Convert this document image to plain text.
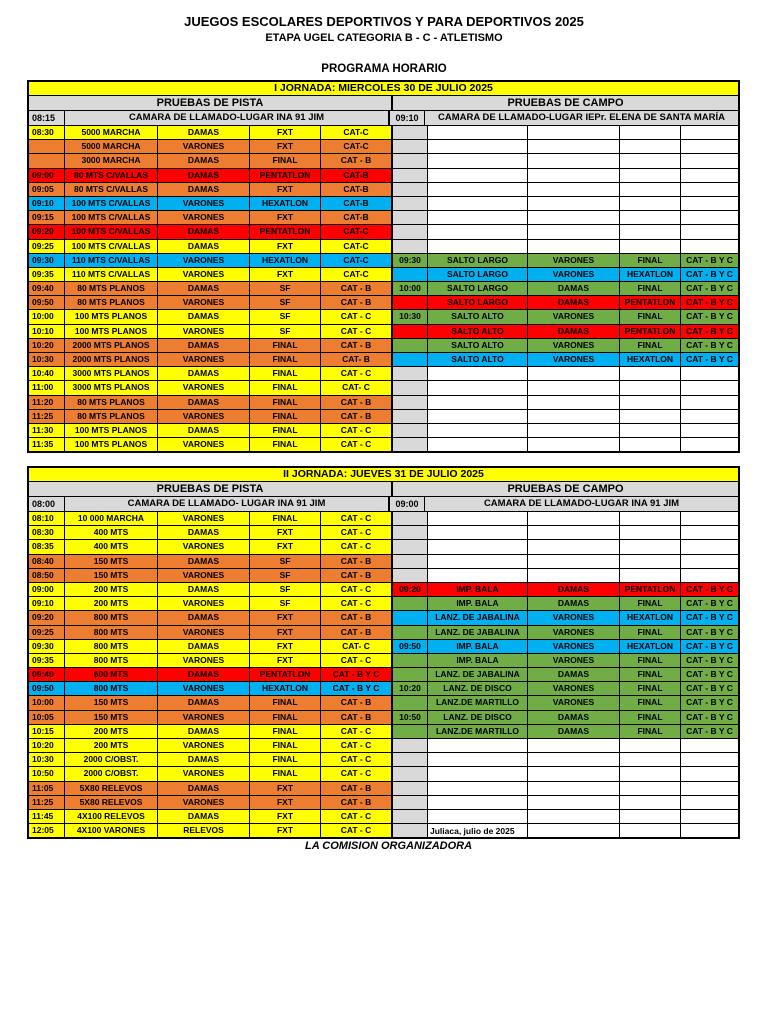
JUEGOS ESCOLARES DEPORTIVOS Y PARA DEPORTIVOS 2025
ETAPA UGEL CATEGORIA B - C - ATLETISMO
PROGRAMA HORARIO
I JORNADA: MIERCOLES 30 DE JULIO 2025
PRUEBAS DE PISTA	PRUEBAS DE CAMPO
08:15	CAMARA DE LLAMADO-LUGAR INA 91 JIM	09:10	CAMARA DE LLAMADO-LUGAR IEPr. ELENA DE SANTA MARÍA
08:30	5000 MARCHA	DAMAS	FXT	CAT-C
5000 MARCHA	VARONES	FXT	CAT-C
3000 MARCHA	DAMAS	FINAL	CAT - B
09:00	80 MTS C/VALLAS	DAMAS	PENTATLON	CAT-B
09:05	80 MTS C/VALLAS	DAMAS	FXT	CAT-B
09:10	100 MTS C/VALLAS	VARONES	HEXATLON	CAT-B
09:15	100 MTS C/VALLAS	VARONES	FXT	CAT-B
09:20	100 MTS C/VALLAS	DAMAS	PENTATLON	CAT-C
09:25	100 MTS C/VALLAS	DAMAS	FXT	CAT-C
09:30	110 MTS C/VALLAS	VARONES	HEXATLON	CAT-C	09:30	SALTO LARGO	VARONES	FINAL	CAT - B Y C
09:35	110 MTS C/VALLAS	VARONES	FXT	CAT-C	SALTO LARGO	VARONES	HEXATLON	CAT - B Y C
09:40	80 MTS PLANOS	DAMAS	SF	CAT - B	10:00	SALTO LARGO	DAMAS	FINAL	CAT - B Y C
09:50	80 MTS PLANOS	VARONES	SF	CAT - B	SALTO LARGO	DAMAS	PENTATLON	CAT - B Y C
10:00	100 MTS PLANOS	DAMAS	SF	CAT - C	10:30	SALTO ALTO	VARONES	FINAL	CAT - B Y C
10:10	100 MTS PLANOS	VARONES	SF	CAT - C	SALTO ALTO	DAMAS	PENTATLON	CAT - B Y C
10:20	2000 MTS PLANOS	DAMAS	FINAL	CAT - B	SALTO ALTO	VARONES	FINAL	CAT - B Y C
10:30	2000 MTS PLANOS	VARONES	FINAL	CAT- B	SALTO ALTO	VARONES	HEXATLON	CAT - B Y C
10:40	3000 MTS PLANOS	DAMAS	FINAL	CAT - C
11:00	3000 MTS PLANOS	VARONES	FINAL	CAT- C
11:20	80 MTS PLANOS	DAMAS	FINAL	CAT - B
11:25	80 MTS PLANOS	VARONES	FINAL	CAT - B
11:30	100 MTS PLANOS	DAMAS	FINAL	CAT - C
11:35	100 MTS PLANOS	VARONES	FINAL	CAT - C
II JORNADA: JUEVES 31 DE JULIO 2025
PRUEBAS DE PISTA	PRUEBAS DE CAMPO
08:00	CAMARA DE LLAMADO- LUGAR INA 91 JIM	09:00	CAMARA DE LLAMADO-LUGAR INA 91 JIM
08:10	10 000 MARCHA	VARONES	FINAL	CAT - C
08:30	400 MTS	DAMAS	FXT	CAT - C
08:35	400 MTS	VARONES	FXT	CAT - C
08:40	150 MTS	DAMAS	SF	CAT - B
08:50	150 MTS	VARONES	SF	CAT - B
09:00	200 MTS	DAMAS	SF	CAT - C	09:20	IMP. BALA	DAMAS	PENTATLON	CAT - B Y C
09:10	200 MTS	VARONES	SF	CAT - C	IMP. BALA	DAMAS	FINAL	CAT - B Y C
09:20	800 MTS	DAMAS	FXT	CAT - B	LANZ. DE JABALINA	VARONES	HEXATLON	CAT - B Y C
09:25	800 MTS	VARONES	FXT	CAT - B	LANZ. DE JABALINA	VARONES	FINAL	CAT - B Y C
09:30	800 MTS	DAMAS	FXT	CAT- C	09:50	IMP. BALA	VARONES	HEXATLON	CAT - B Y C
09:35	800 MTS	VARONES	FXT	CAT - C	IMP. BALA	VARONES	FINAL	CAT - B Y C
09:40	600 MTS	DAMAS	PENTATLON	CAT - B Y C	LANZ. DE JABALINA	DAMAS	FINAL	CAT - B Y C
09:50	800 MTS	VARONES	HEXATLON	CAT - B Y C	10:20	LANZ. DE DISCO	VARONES	FINAL	CAT - B Y C
10:00	150 MTS	DAMAS	FINAL	CAT - B	LANZ.DE MARTILLO	VARONES	FINAL	CAT - B Y C
10:05	150 MTS	VARONES	FINAL	CAT - B	10:50	LANZ. DE DISCO	DAMAS	FINAL	CAT - B Y C
10:15	200 MTS	DAMAS	FINAL	CAT - C	LANZ.DE MARTILLO	DAMAS	FINAL	CAT - B Y C
10:20	200 MTS	VARONES	FINAL	CAT - C
10:30	2000 C/OBST.	DAMAS	FINAL	CAT - C
10:50	2000 C/OBST.	VARONES	FINAL	CAT - C
11:05	5X80 RELEVOS	DAMAS	FXT	CAT - B
11:25	5X80 RELEVOS	VARONES	FXT	CAT - B
11:45	4X100 RELEVOS	DAMAS	FXT	CAT - C
12:05	4X100 VARONES	RELEVOS	FXT	CAT - C	Juliaca, julio de 2025
LA COMISION ORGANIZADORA
